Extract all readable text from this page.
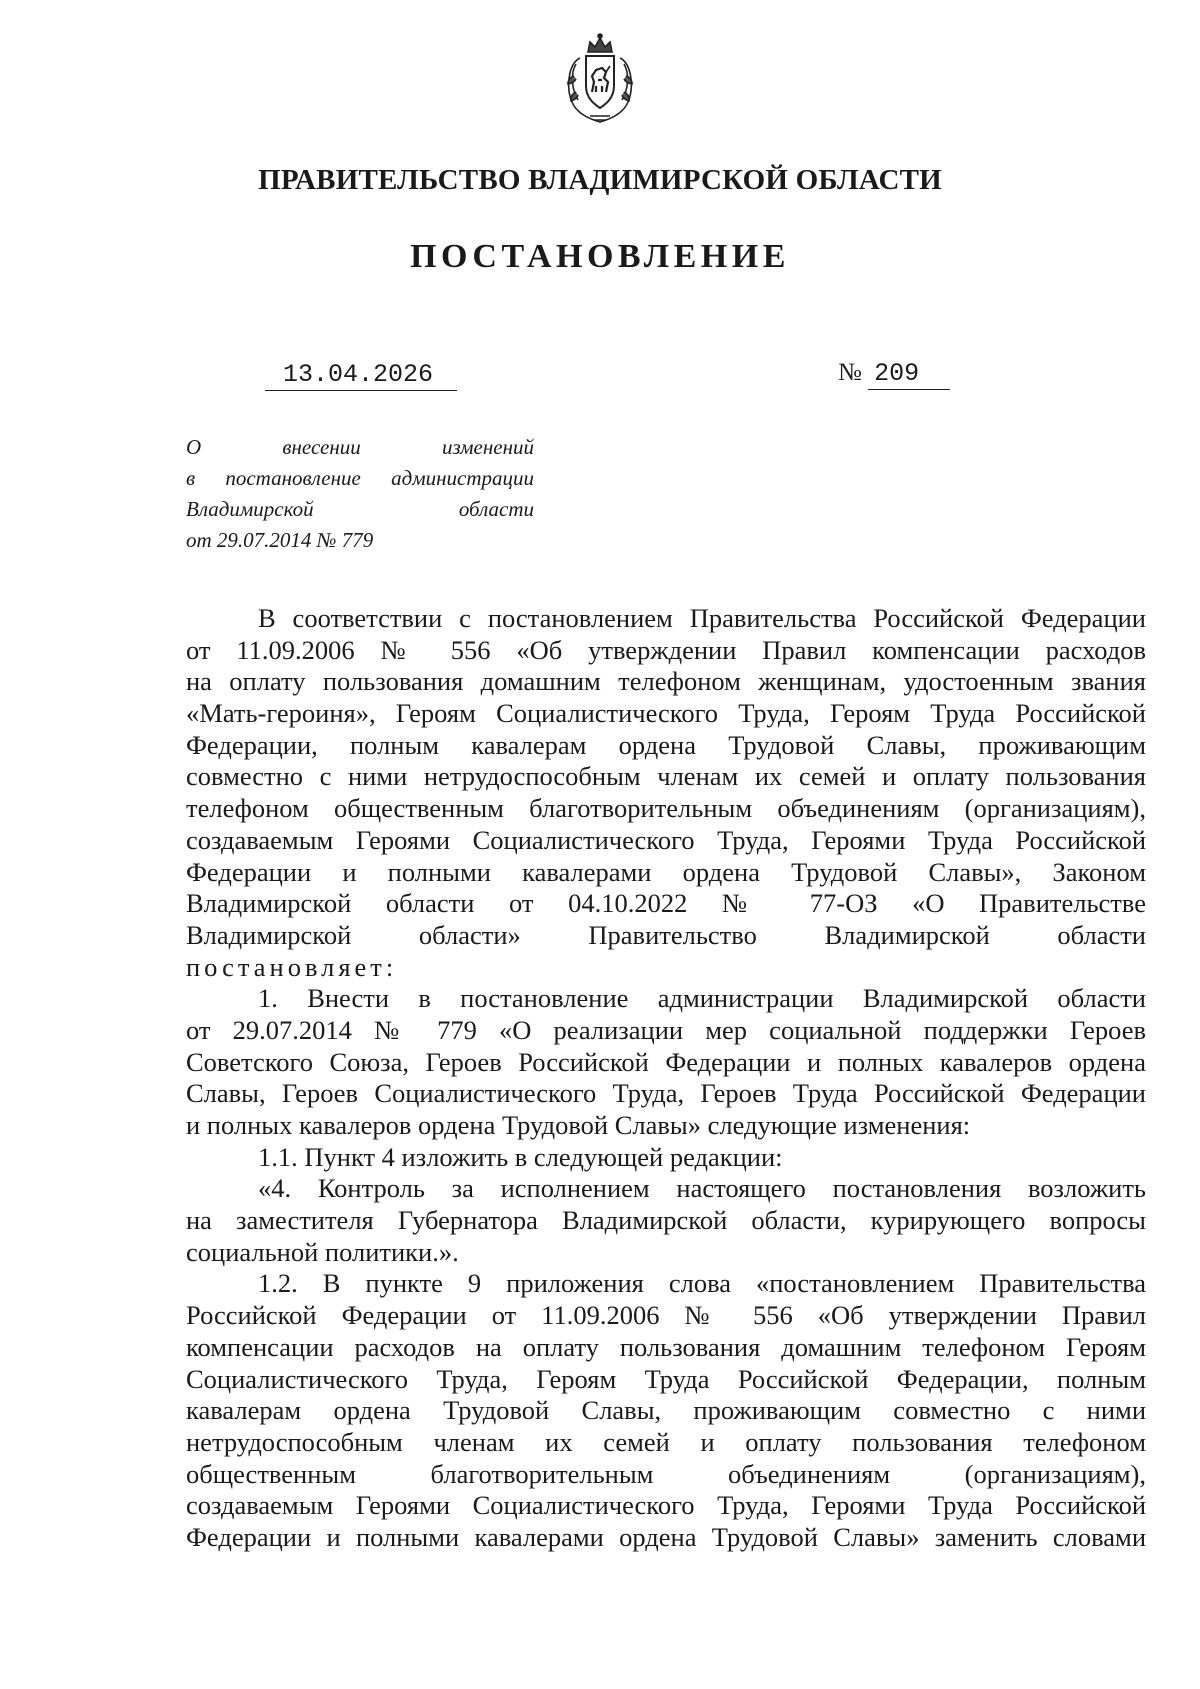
ПРАВИТЕЛЬСТВО ВЛАДИМИРСКОЙ ОБЛАСТИ
ПОСТАНОВЛЕНИЕ
13.04.2026	№ 209
О внесении изменений
в постановление администрации
Владимирской области
от 29.07.2014 № 779
В соответствии с постановлением Правительства Российской Федерации
от 11.09.2006 № 556 «Об утверждении Правил компенсации расходов
на оплату пользования домашним телефоном женщинам, удостоенным звания
«Мать-героиня», Героям Социалистического Труда, Героям Труда Российской
Федерации, полным кавалерам ордена Трудовой Славы, проживающим
совместно с ними нетрудоспособным членам их семей и оплату пользования
телефоном общественным благотворительным объединениям (организациям),
создаваемым Героями Социалистического Труда, Героями Труда Российской
Федерации и полными кавалерами ордена Трудовой Славы», Законом
Владимирской области от 04.10.2022 № 77-ОЗ «О Правительстве
Владимирской области» Правительство Владимирской области
постановляет:
1. Внести в постановление администрации Владимирской области
от 29.07.2014 № 779 «О реализации мер социальной поддержки Героев
Советского Союза, Героев Российской Федерации и полных кавалеров ордена
Славы, Героев Социалистического Труда, Героев Труда Российской Федерации
и полных кавалеров ордена Трудовой Славы» следующие изменения:
1.1. Пункт 4 изложить в следующей редакции:
«4. Контроль за исполнением настоящего постановления возложить
на заместителя Губернатора Владимирской области, курирующего вопросы
социальной политики.».
1.2. В пункте 9 приложения слова «постановлением Правительства
Российской Федерации от 11.09.2006 № 556 «Об утверждении Правил
компенсации расходов на оплату пользования домашним телефоном Героям
Социалистического Труда, Героям Труда Российской Федерации, полным
кавалерам ордена Трудовой Славы, проживающим совместно с ними
нетрудоспособным членам их семей и оплату пользования телефоном
общественным благотворительным объединениям (организациям),
создаваемым Героями Социалистического Труда, Героями Труда Российской
Федерации и полными кавалерами ордена Трудовой Славы» заменить словами
